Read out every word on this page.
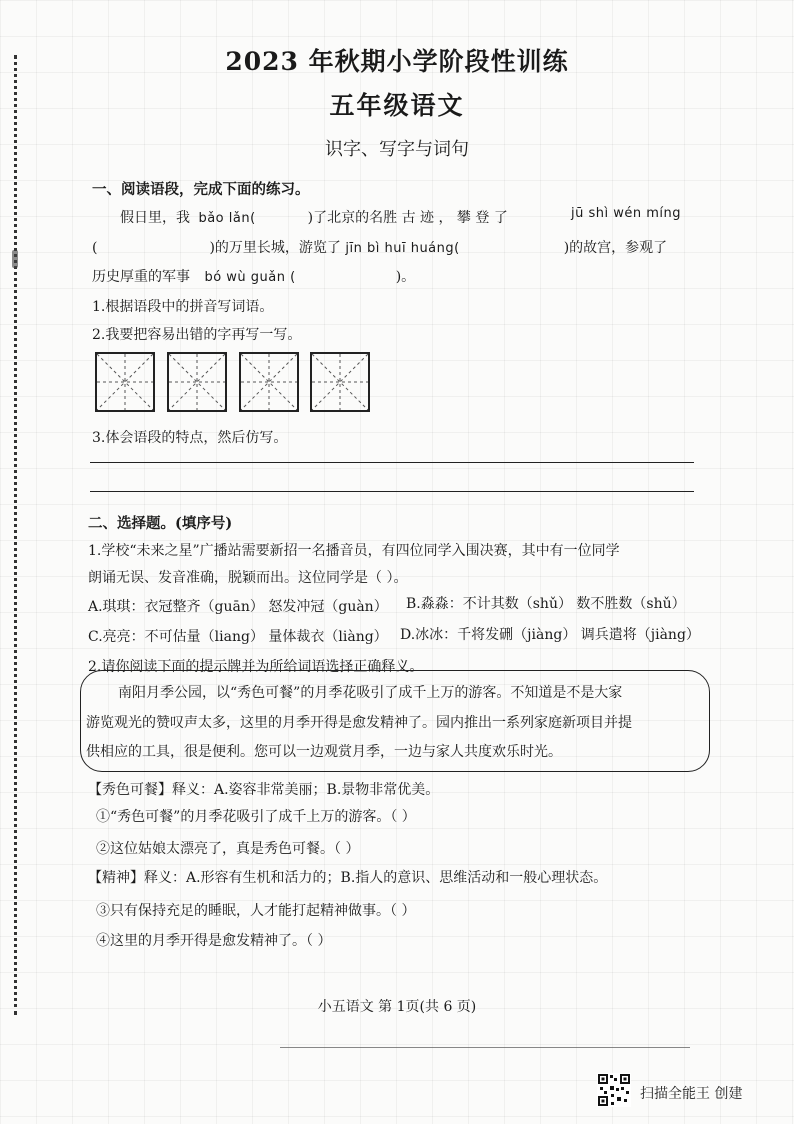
2023 年秋期小学阶段性训练
五年级语文
识字、写字与词句
一、阅读语段，完成下面的练习。
假日里，我 bǎo lǎn(	)了北京的名胜 古 迹 ， 攀 登 了	jū shì wén míng
(	)的万里长城，游览了 jīn bì huī huáng(	)的故宫，参观了
历史厚重的军事 bó wù guǎn (	)。
1.根据语段中的拼音写词语。
2.我要把容易出错的字再写一写。
3.体会语段的特点，然后仿写。
二、选择题。(填序号)
1.学校“未来之星”广播站需要新招一名播音员，有四位同学入围决赛，其中有一位同学
朗诵无误、发音准确，脱颖而出。这位同学是（ ）。
A.琪琪：衣冠整齐（guān） 怒发冲冠（guàn） B.淼淼：不计其数（shǔ） 数不胜数（shǔ）
C.亮亮：不可估量（liang） 量体裁衣（liàng） D.冰冰：千将发硎（jiàng） 调兵遣将（jiàng）
2.请你阅读下面的提示牌并为所给词语选择正确释义。
南阳月季公园，以“秀色可餐”的月季花吸引了成千上万的游客。不知道是不是大家
游览观光的赞叹声太多，这里的月季开得是愈发精神了。园内推出一系列家庭新项目并提
供相应的工具，很是便利。您可以一边观赏月季，一边与家人共度欢乐时光。
【秀色可餐】释义：A.姿容非常美丽；B.景物非常优美。
①“秀色可餐”的月季花吸引了成千上万的游客。（ ）
②这位姑娘太漂亮了，真是秀色可餐。（ ）
【精神】释义：A.形容有生机和活力的；B.指人的意识、思维活动和一般心理状态。
③只有保持充足的睡眠，人才能打起精神做事。（ ）
④这里的月季开得是愈发精神了。（ ）
小五语文 第 1页(共 6 页)
扫描全能王 创建
